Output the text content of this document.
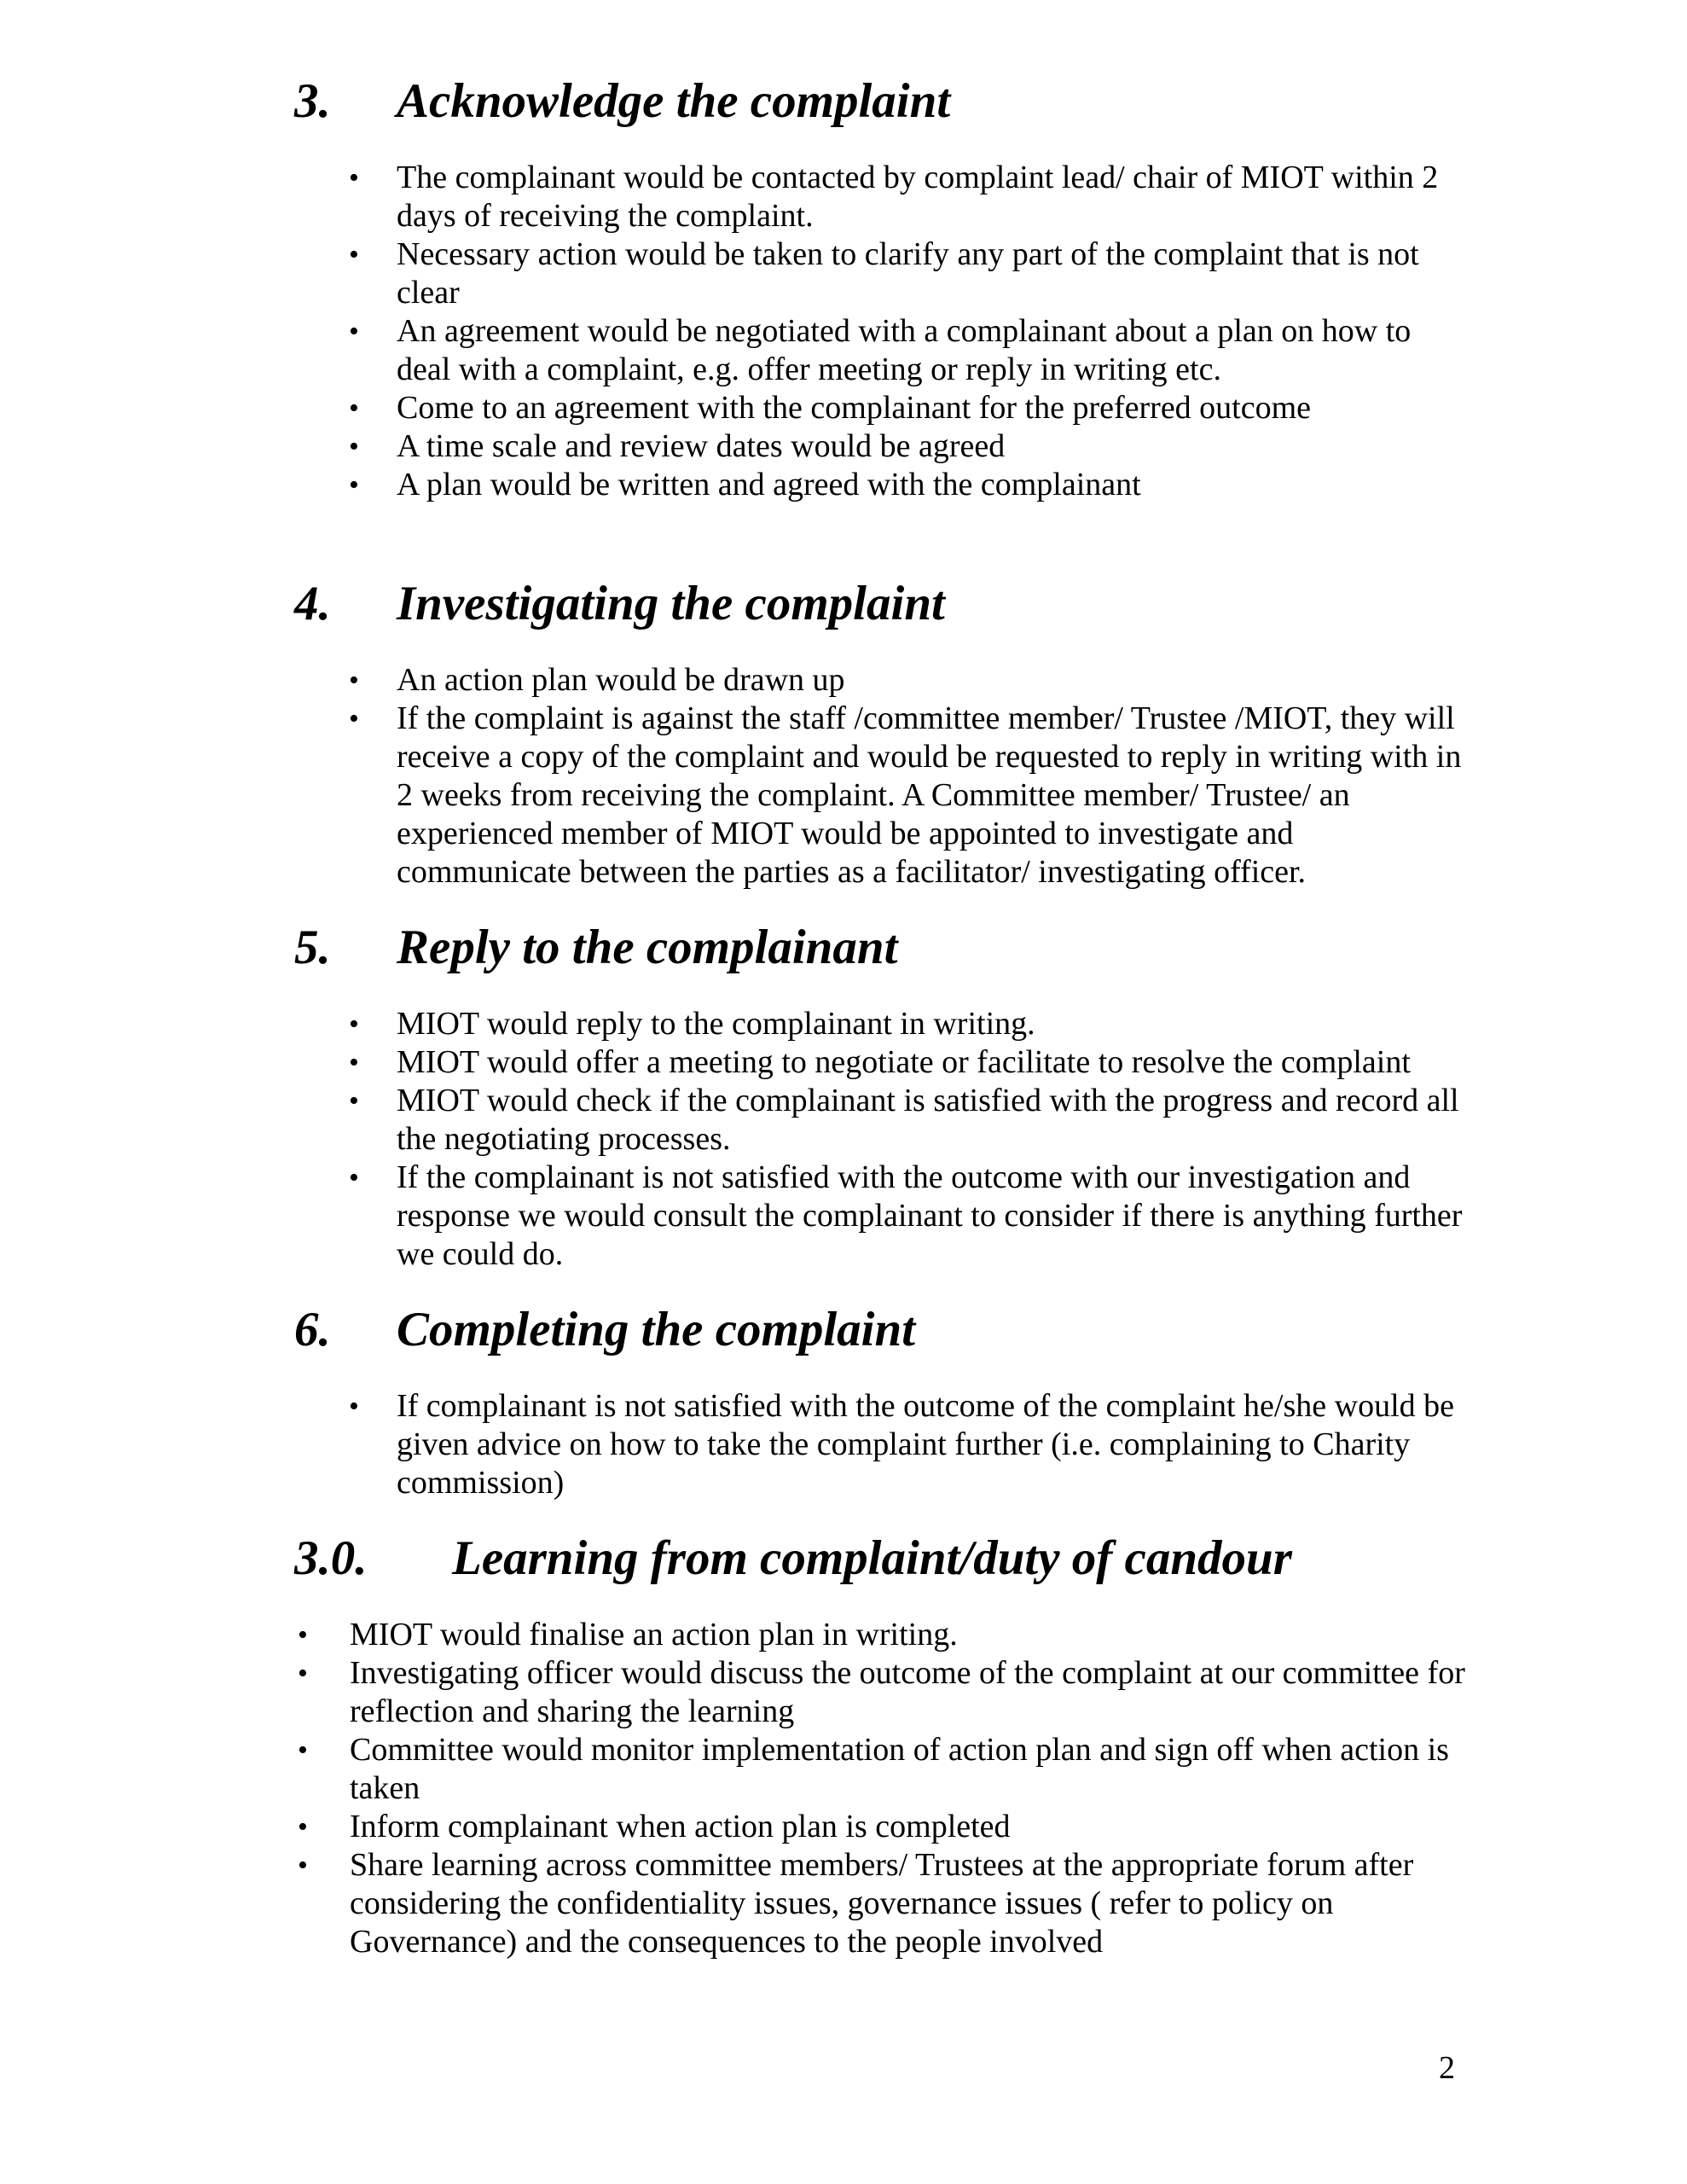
3.	Acknowledge the complaint
• The complainant would be contacted by complaint lead/ chair of MIOT within 2 days of receiving the complaint.
• Necessary action would be taken to clarify any part of the complaint that is not clear
• An agreement would be negotiated with a complainant about a plan on how to deal with a complaint, e.g. offer meeting or reply in writing etc.
• Come to an agreement with the complainant for the preferred outcome
• A time scale and review dates would be agreed
• A plan would be written and agreed with the complainant
4.	Investigating the complaint
• An action plan would be drawn up
• If the complaint is against the staff /committee member/ Trustee /MIOT, they will receive a copy of the complaint and would be requested to reply in writing with in 2 weeks from receiving the complaint. A Committee member/ Trustee/ an experienced member of MIOT would be appointed to investigate and communicate between the parties as a facilitator/ investigating officer.
5.	Reply to the complainant
• MIOT would reply to the complainant in writing.
• MIOT would offer a meeting to negotiate or facilitate to resolve the complaint
• MIOT would check if the complainant is satisfied with the progress and record all the negotiating processes.
• If the complainant is not satisfied with the outcome with our investigation and response we would consult the complainant to consider if there is anything further we could do.
6.	Completing the complaint
• If complainant is not satisfied with the outcome of the complaint he/she would be given advice on how to take the complaint further (i.e. complaining to Charity commission)
3.0.	Learning from complaint/duty of candour
• MIOT would finalise an action plan in writing.
• Investigating officer would discuss the outcome of the complaint at our committee for reflection and sharing the learning
• Committee would monitor implementation of action plan and sign off when action is taken
• Inform complainant when action plan is completed
• Share learning across committee members/ Trustees at the appropriate forum after considering the confidentiality issues, governance issues ( refer to policy on Governance) and the consequences to the people involved
2
